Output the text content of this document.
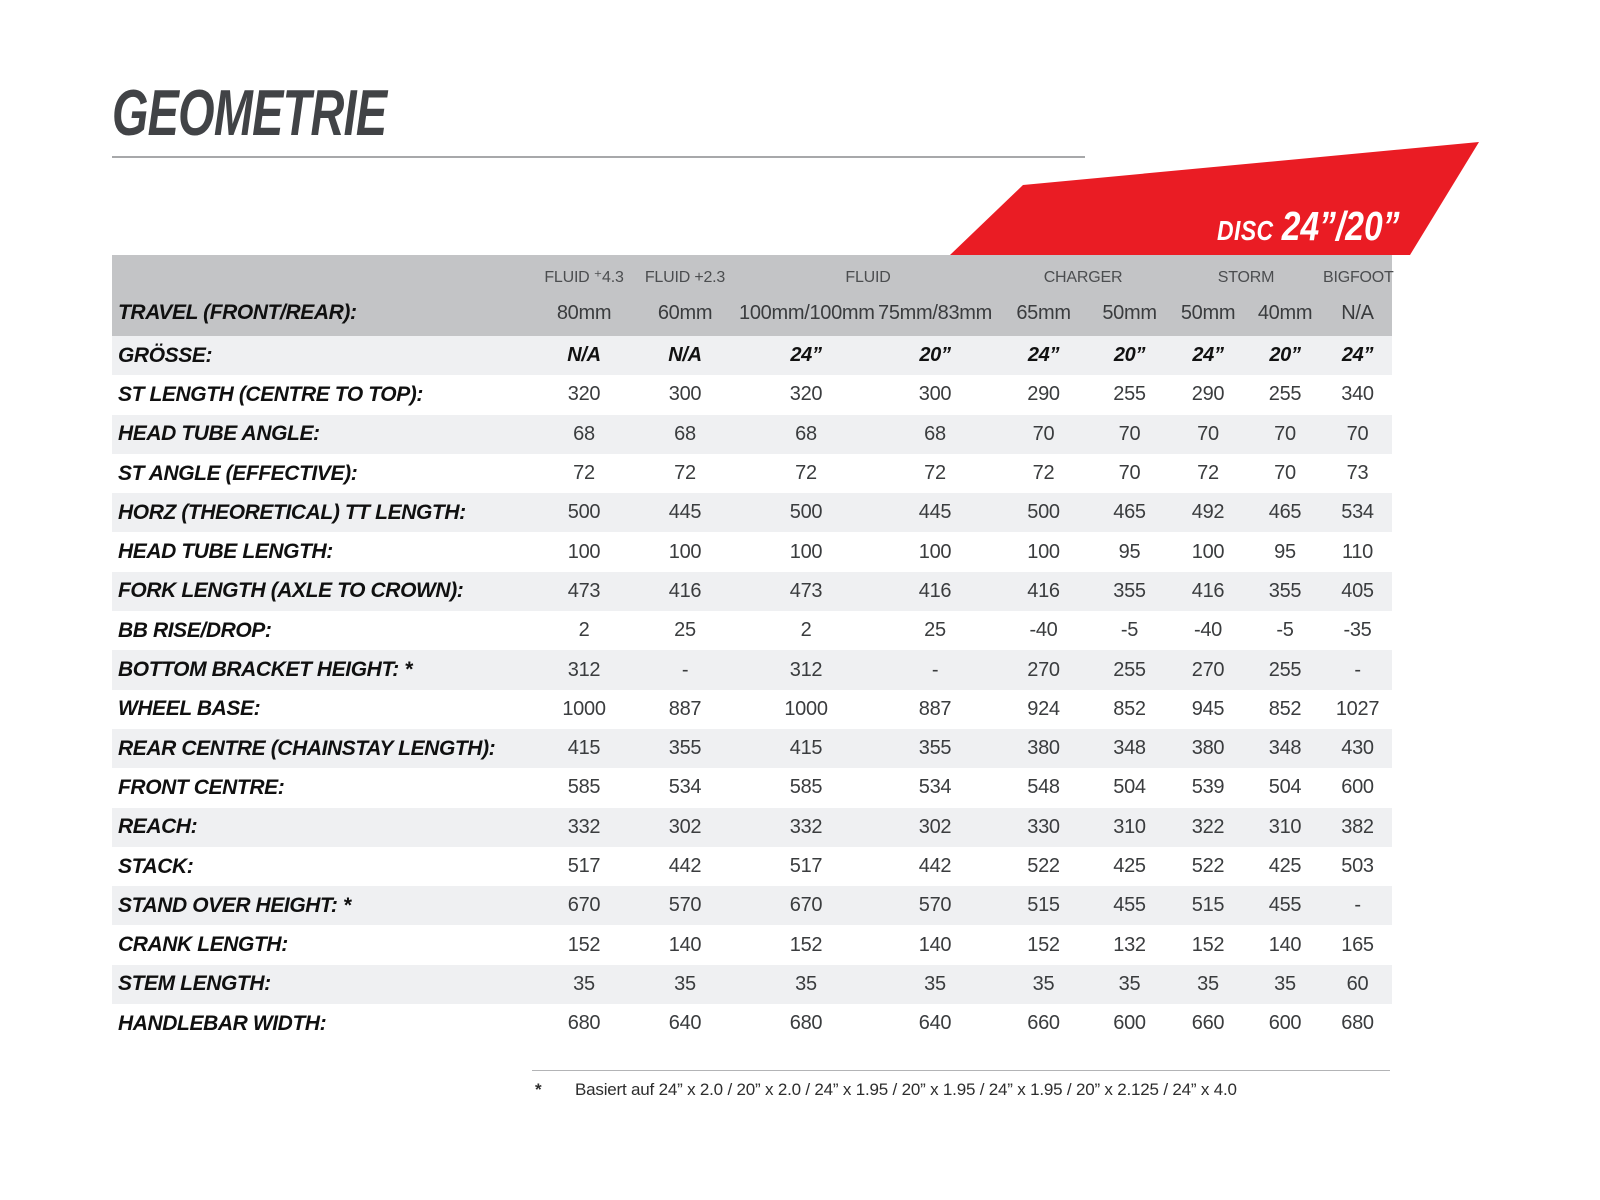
GEOMETRIE
DISC 24”/20”
FLUID ⁺4.3	FLUID +2.3	FLUID	CHARGER	STORM	BIGFOOT
TRAVEL (FRONT/REAR):	80mm	60mm	100mm/100mm 75mm/83mm	65mm	50mm	50mm	40mm	N/A
GRÖSSE:	N/A	N/A	24”	20”	24”	20”	24”	20”	24”
ST LENGTH (CENTRE TO TOP):	320	300	320	300	290	255	290	255	340
HEAD TUBE ANGLE:	68	68	68	68	70	70	70	70	70
ST ANGLE (EFFECTIVE):	72	72	72	72	72	70	72	70	73
HORZ (THEORETICAL) TT LENGTH:	500	445	500	445	500	465	492	465	534
HEAD TUBE LENGTH:	100	100	100	100	100	95	100	95	110
FORK LENGTH (AXLE TO CROWN):	473	416	473	416	416	355	416	355	405
BB RISE/DROP:	2	25	2	25	-40	-5	-40	-5	-35
BOTTOM BRACKET HEIGHT: *	312	-	312	-	270	255	270	255	-
WHEEL BASE:	1000	887	1000	887	924	852	945	852	1027
REAR CENTRE (CHAINSTAY LENGTH):	415	355	415	355	380	348	380	348	430
FRONT CENTRE:	585	534	585	534	548	504	539	504	600
REACH:	332	302	332	302	330	310	322	310	382
STACK:	517	442	517	442	522	425	522	425	503
STAND OVER HEIGHT: *	670	570	670	570	515	455	515	455	-
CRANK LENGTH:	152	140	152	140	152	132	152	140	165
STEM LENGTH:	35	35	35	35	35	35	35	35	60
HANDLEBAR WIDTH:	680	640	680	640	660	600	660	600	680
*	Basiert auf 24” x 2.0 / 20” x 2.0 / 24” x 1.95 / 20” x 1.95 / 24” x 1.95 / 20” x 2.125 / 24” x 4.0
